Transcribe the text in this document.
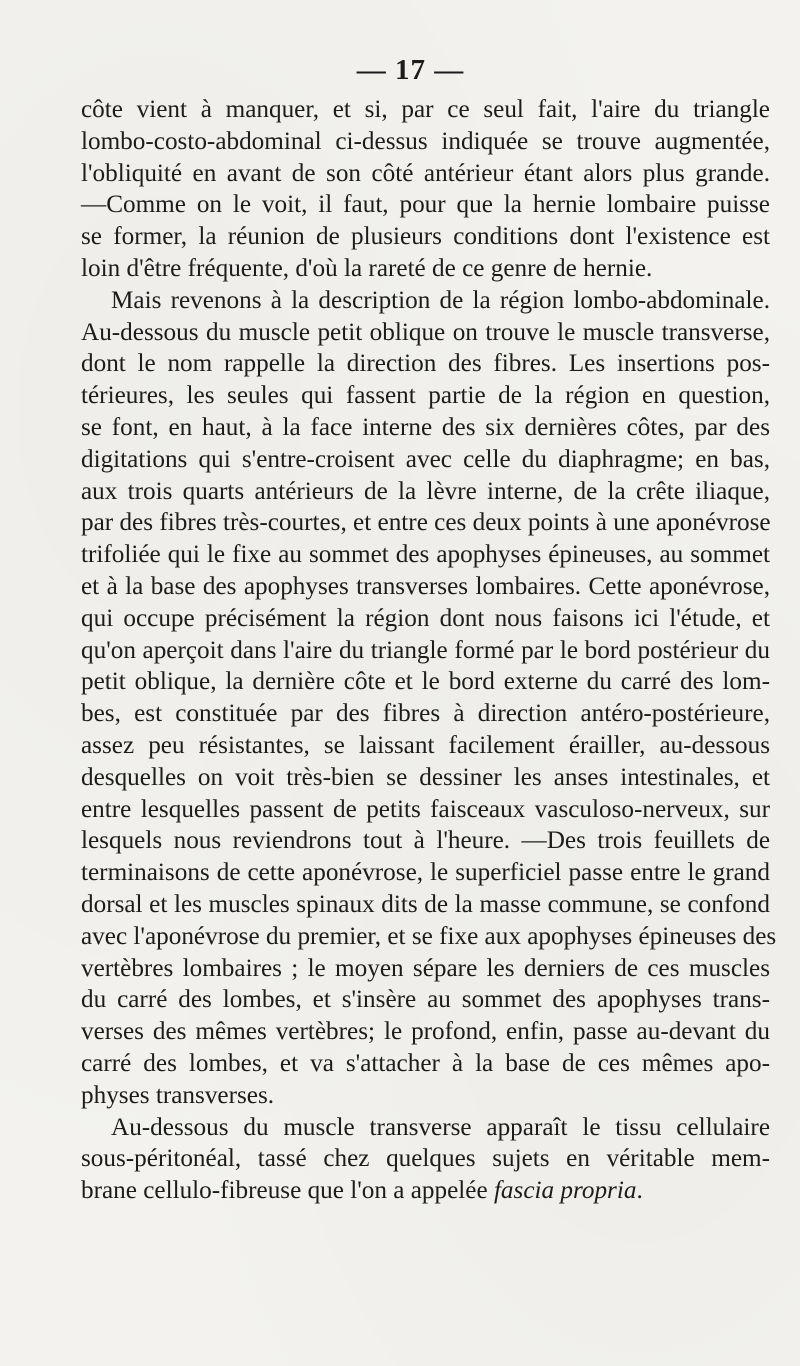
— 17 —

côte vient à manquer, et si, par ce seul fait, l'aire du triangle
lombo-costo-abdominal ci-dessus indiquée se trouve augmentée,
l'obliquité en avant de son côté antérieur étant alors plus grande.
—Comme on le voit, il faut, pour que la hernie lombaire puisse
se former, la réunion de plusieurs conditions dont l'existence est
loin d'être fréquente, d'où la rareté de ce genre de hernie.

Mais revenons à la description de la région lombo-abdominale.
Au-dessous du muscle petit oblique on trouve le muscle transverse,
dont le nom rappelle la direction des fibres. Les insertions pos-
térieures, les seules qui fassent partie de la région en question,
se font, en haut, à la face interne des six dernières côtes, par des
digitations qui s'entre-croisent avec celle du diaphragme; en bas,
aux trois quarts antérieurs de la lèvre interne, de la crête iliaque,
par des fibres très-courtes, et entre ces deux points à une aponévrose
trifoliée qui le fixe au sommet des apophyses épineuses, au sommet
et à la base des apophyses transverses lombaires. Cette aponévrose,
qui occupe précisément la région dont nous faisons ici l'étude, et
qu'on aperçoit dans l'aire du triangle formé par le bord postérieur du
petit oblique, la dernière côte et le bord externe du carré des lom-
bes, est constituée par des fibres à direction antéro-postérieure,
assez peu résistantes, se laissant facilement érailler, au-dessous
desquelles on voit très-bien se dessiner les anses intestinales, et
entre lesquelles passent de petits faisceaux vasculoso-nerveux, sur
lesquels nous reviendrons tout à l'heure. —Des trois feuillets de
terminaisons de cette aponévrose, le superficiel passe entre le grand
dorsal et les muscles spinaux dits de la masse commune, se confond
avec l'aponévrose du premier, et se fixe aux apophyses épineuses des
vertèbres lombaires ; le moyen sépare les derniers de ces muscles
du carré des lombes, et s'insère au sommet des apophyses trans-
verses des mêmes vertèbres; le profond, enfin, passe au-devant du
carré des lombes, et va s'attacher à la base de ces mêmes apo-
physes transverses.

Au-dessous du muscle transverse apparaît le tissu cellulaire
sous-péritonéal, tassé chez quelques sujets en véritable mem-
brane cellulo-fibreuse que l'on a appelée fascia propria.
